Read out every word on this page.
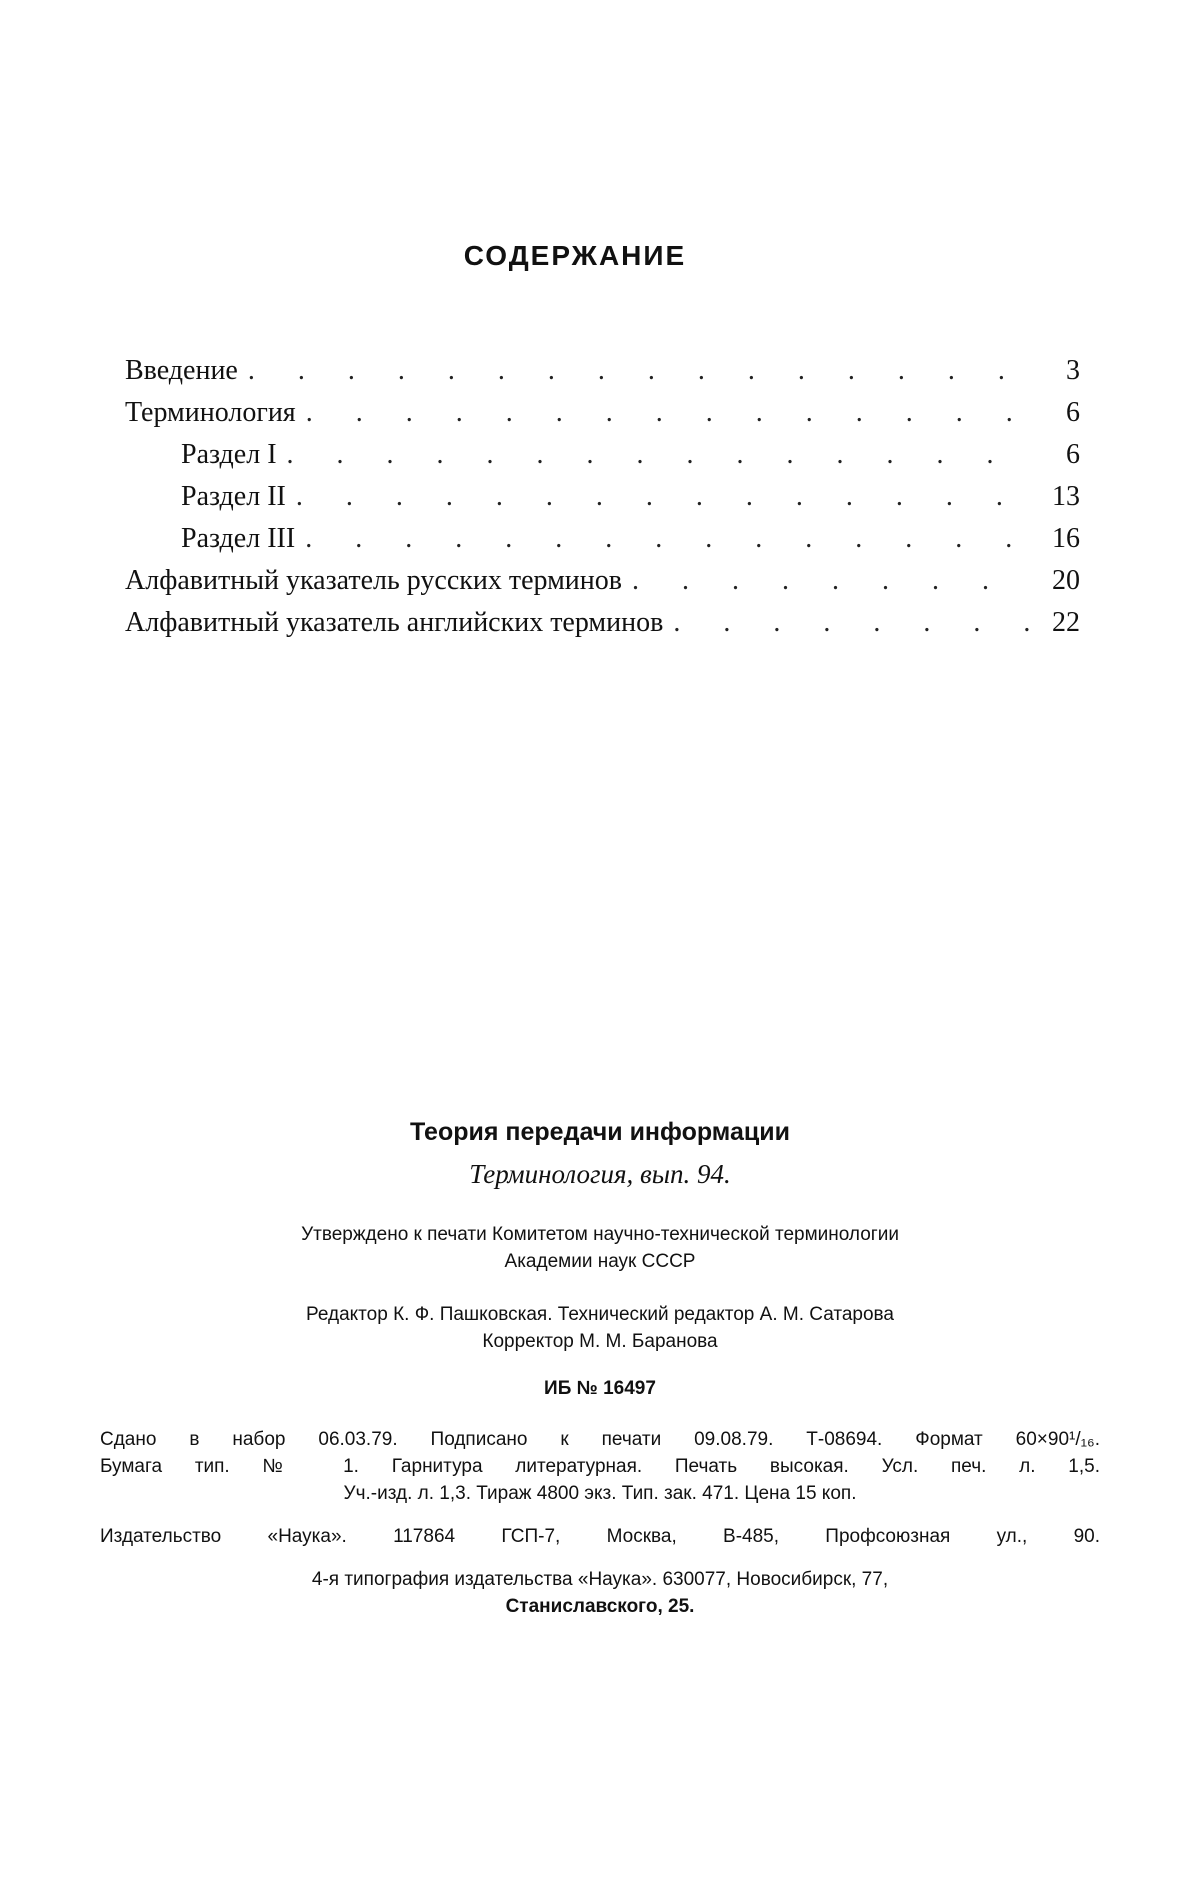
СОДЕРЖАНИЕ
Введение . . .	3
Терминология . . .	6
Раздел I . . .	6
Раздел II . . .	13
Раздел III . . .	16
Алфавитный указатель русских терминов . . .	20
Алфавитный указатель английских терминов . . .	22

Теория передачи информации

Терминология, вып. 94.

Утверждено к печати Комитетом научно-технической терминологии
Академии наук СССР

Редактор К. Ф. Пашковская. Технический редактор А. М. Сатарова
Корректор М. М. Баранова

ИБ № 16497

Сдано в набор 06.03.79. Подписано к печати 09.08.79. Т-08694. Формат 60×90¹/₁₆.
Бумага тип. № 1. Гарнитура литературная. Печать высокая. Усл. печ. л. 1,5.
Уч.-изд. л. 1,3. Тираж 4800 экз. Тип. зак. 471. Цена 15 коп.

Издательство «Наука». 117864 ГСП-7, Москва, В-485, Профсоюзная ул., 90.

4-я типография издательства «Наука». 630077, Новосибирск, 77,
Станиславского, 25.
